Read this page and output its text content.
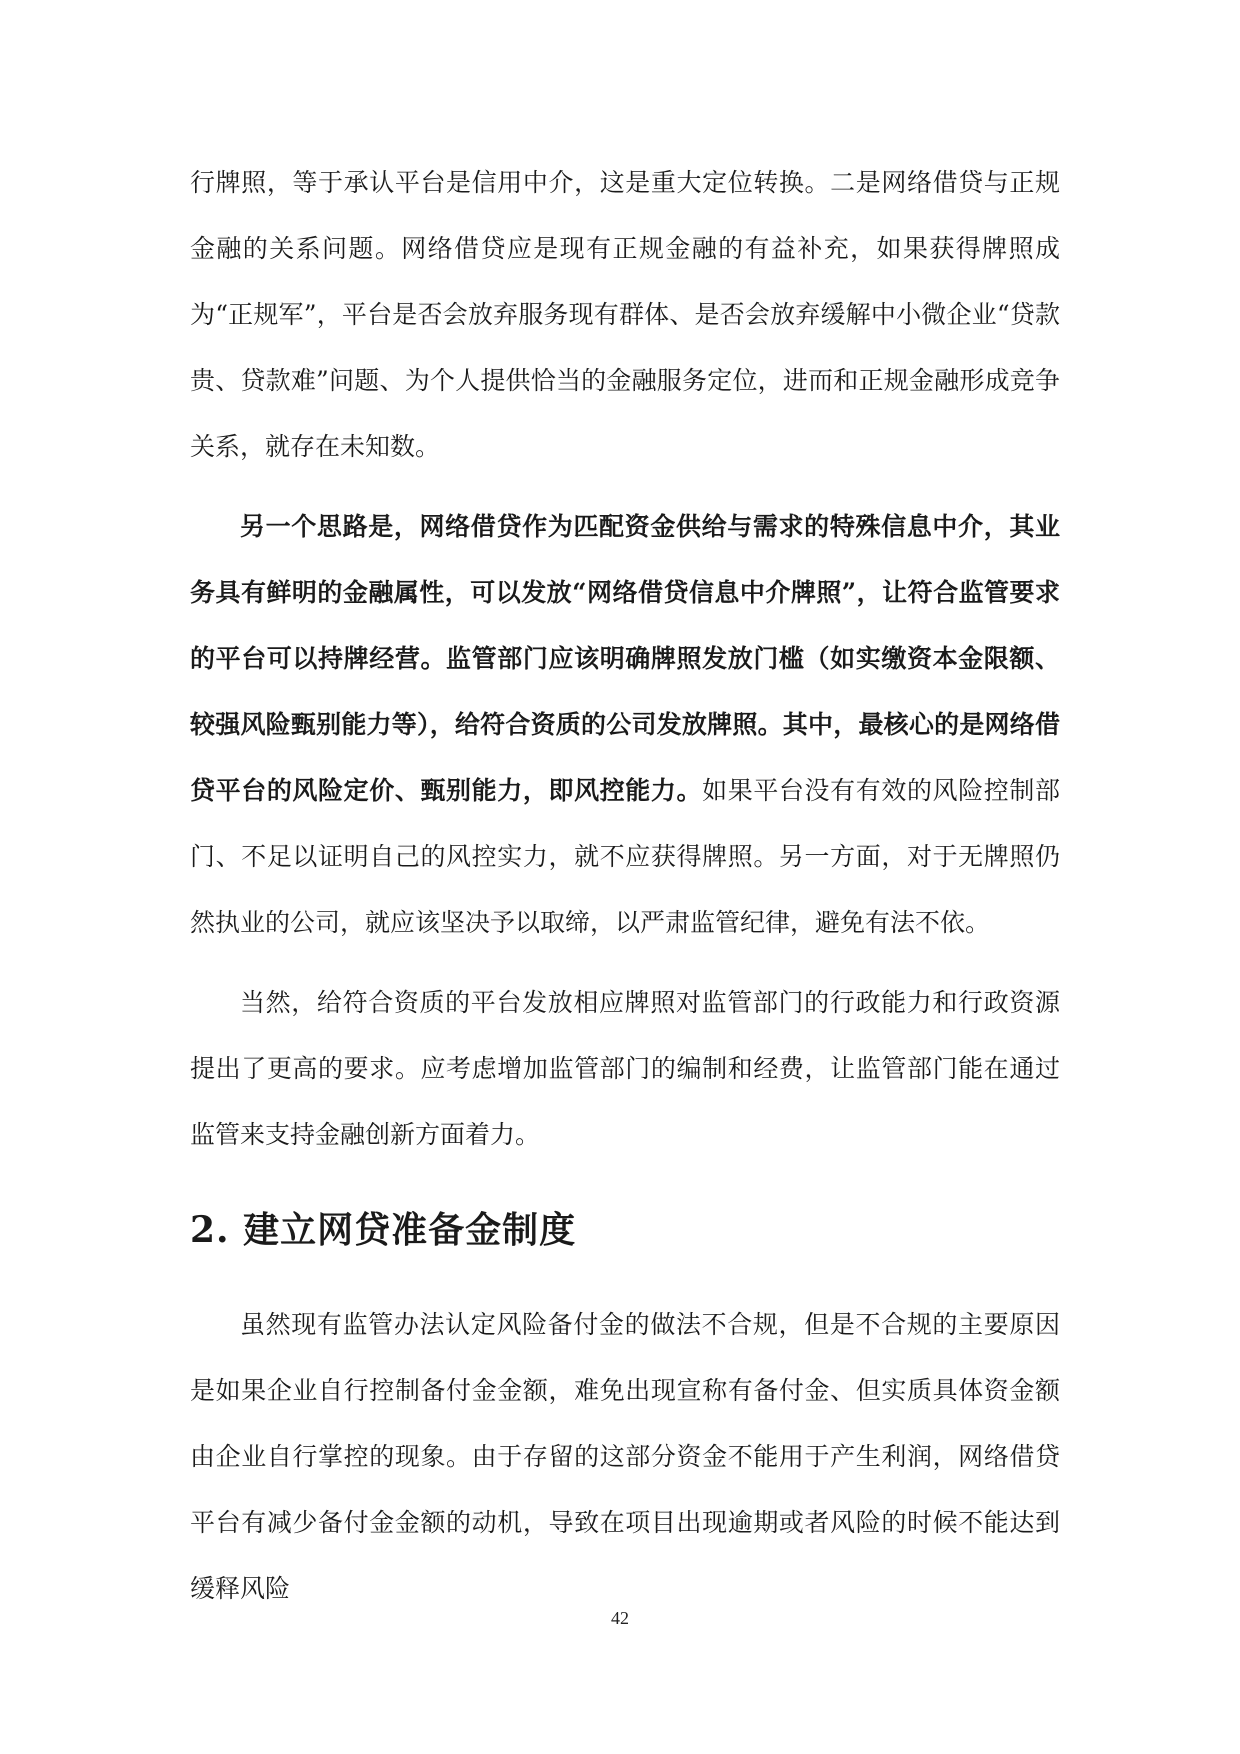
行牌照，等于承认平台是信用中介，这是重大定位转换。二是网络借贷与正规金融的关系问题。网络借贷应是现有正规金融的有益补充，如果获得牌照成为“正规军”，平台是否会放弃服务现有群体、是否会放弃缓解中小微企业“贷款贵、贷款难”问题、为个人提供恰当的金融服务定位，进而和正规金融形成竞争关系，就存在未知数。

另一个思路是，网络借贷作为匹配资金供给与需求的特殊信息中介，其业务具有鲜明的金融属性，可以发放“网络借贷信息中介牌照”，让符合监管要求的平台可以持牌经营。监管部门应该明确牌照发放门槛（如实缴资本金限额、较强风险甄别能力等），给符合资质的公司发放牌照。其中，最核心的是网络借贷平台的风险定价、甄别能力，即风控能力。如果平台没有有效的风险控制部门、不足以证明自己的风控实力，就不应获得牌照。另一方面，对于无牌照仍然执业的公司，就应该坚决予以取缔，以严肃监管纪律，避免有法不依。

当然，给符合资质的平台发放相应牌照对监管部门的行政能力和行政资源提出了更高的要求。应考虑增加监管部门的编制和经费，让监管部门能在通过监管来支持金融创新方面着力。

2. 建立网贷准备金制度

虽然现有监管办法认定风险备付金的做法不合规，但是不合规的主要原因是如果企业自行控制备付金金额，难免出现宣称有备付金、但实质具体资金额由企业自行掌控的现象。由于存留的这部分资金不能用于产生利润，网络借贷平台有减少备付金金额的动机，导致在项目出现逾期或者风险的时候不能达到缓释风险

42
